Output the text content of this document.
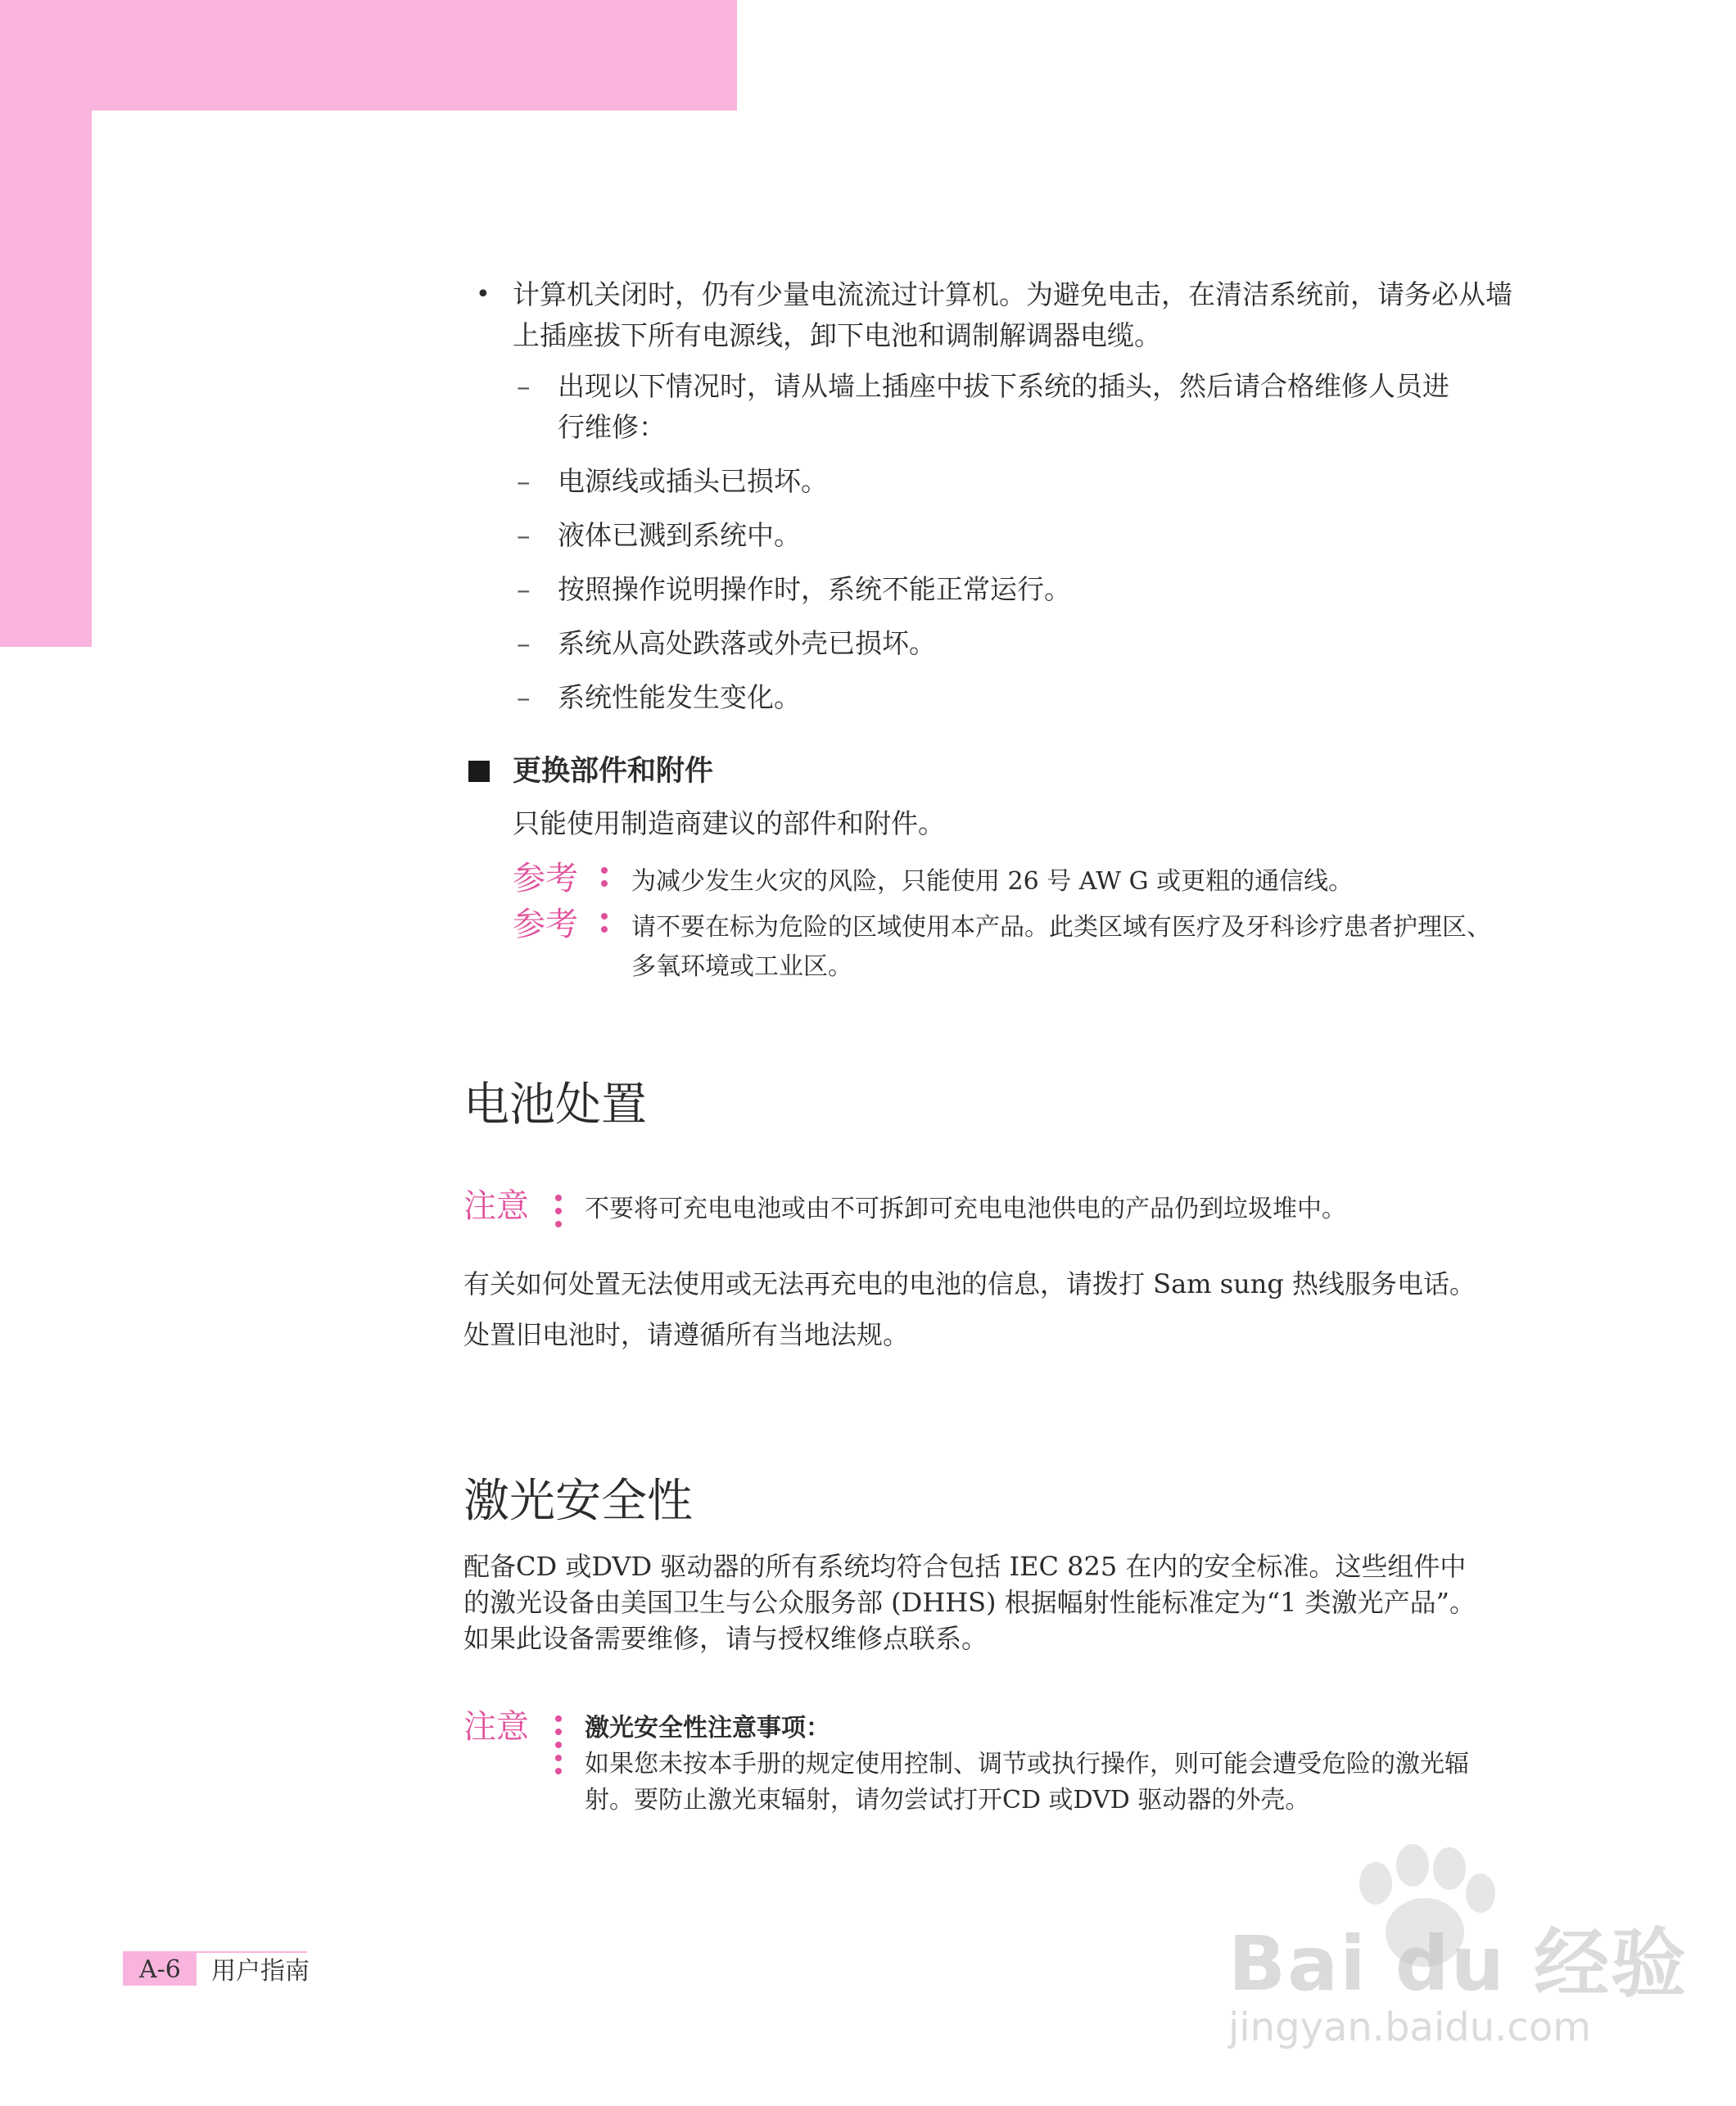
• 计算机关闭时，仍有少量电流流过计算机。为避免电击，在清洁系统前，请务必从墙上插座拔下所有电源线，卸下电池和调制解调器电缆。
– 出现以下情况时，请从墙上插座中拔下系统的插头，然后请合格维修人员进行维修：
– 电源线或插头已损坏。
– 液体已溅到系统中。
– 按照操作说明操作时，系统不能正常运行。
– 系统从高处跌落或外壳已损坏。
– 系统性能发生变化。
更换部件和附件
只能使用制造商建议的部件和附件。
参考 为减少发生火灾的风险，只能使用 26 号 AW G 或更粗的通信线。
参考 请不要在标为危险的区域使用本产品。此类区域有医疗及牙科诊疗患者护理区、多氧环境或工业区。
电池处置
注意 不要将可充电电池或由不可拆卸可充电电池供电的产品仍到垃圾堆中。
有关如何处置无法使用或无法再充电的电池的信息，请拨打 Sam sung 热线服务电话。
处置旧电池时，请遵循所有当地法规。
激光安全性
配备CD 或DVD 驱动器的所有系统均符合包括 IEC 825 在内的安全标准。这些组件中的激光设备由美国卫生与公众服务部 (DHHS) 根据幅射性能标准定为“1 类激光产品”。如果此设备需要维修，请与授权维修点联系。
注意 激光安全性注意事项：
如果您未按本手册的规定使用控制、调节或执行操作，则可能会遭受危险的激光辐射。要防止激光束辐射，请勿尝试打开CD 或DVD 驱动器的外壳。
A-6 用户指南	Bai du 经验
jingyan.baidu.com
